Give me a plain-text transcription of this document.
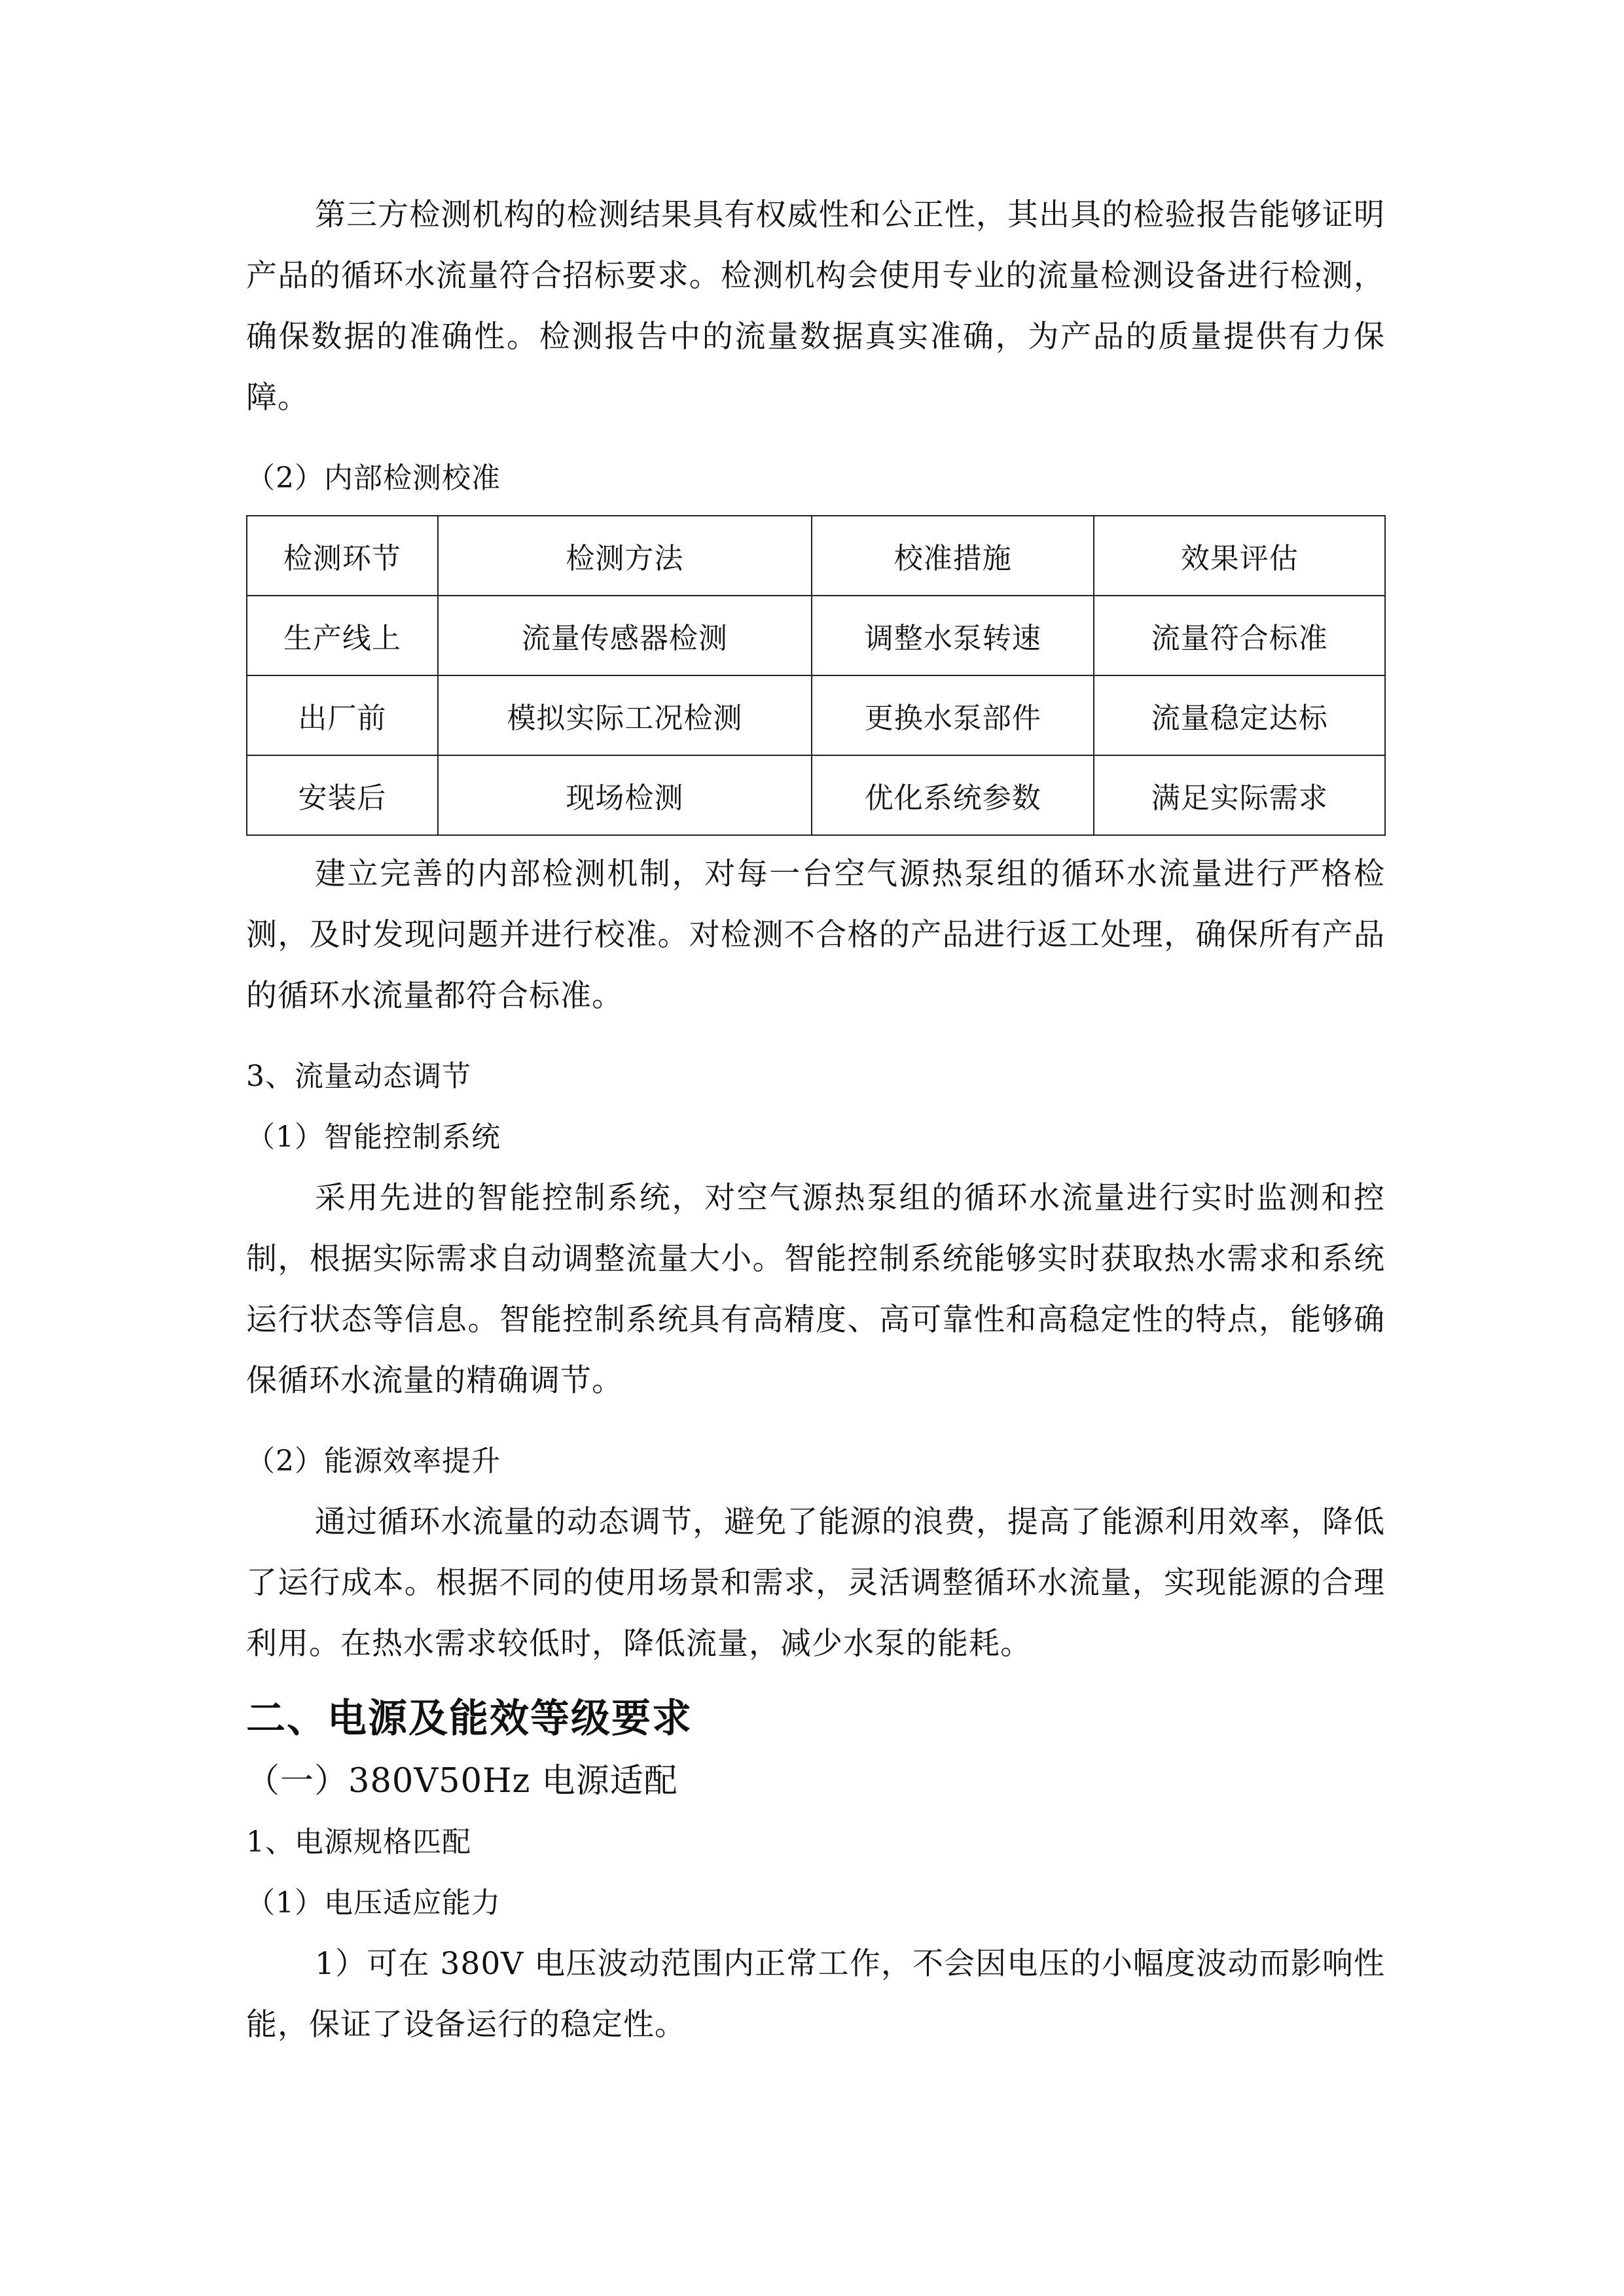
第三方检测机构的检测结果具有权威性和公正性，其出具的检验报告能够证明产品的循环水流量符合招标要求。检测机构会使用专业的流量检测设备进行检测，确保数据的准确性。检测报告中的流量数据真实准确，为产品的质量提供有力保障。

（2）内部检测校准

检测环节	检测方法	校准措施	效果评估
生产线上	流量传感器检测	调整水泵转速	流量符合标准
出厂前	模拟实际工况检测	更换水泵部件	流量稳定达标
安装后	现场检测	优化系统参数	满足实际需求

建立完善的内部检测机制，对每一台空气源热泵组的循环水流量进行严格检测，及时发现问题并进行校准。对检测不合格的产品进行返工处理，确保所有产品的循环水流量都符合标准。

3、流量动态调节

（1）智能控制系统

采用先进的智能控制系统，对空气源热泵组的循环水流量进行实时监测和控制，根据实际需求自动调整流量大小。智能控制系统能够实时获取热水需求和系统运行状态等信息。智能控制系统具有高精度、高可靠性和高稳定性的特点，能够确保循环水流量的精确调节。

（2）能源效率提升

通过循环水流量的动态调节，避免了能源的浪费，提高了能源利用效率，降低了运行成本。根据不同的使用场景和需求，灵活调整循环水流量，实现能源的合理利用。在热水需求较低时，降低流量，减少水泵的能耗。

二、电源及能效等级要求

（一）380V50Hz 电源适配

1、电源规格匹配

（1）电压适应能力

1）可在 380V 电压波动范围内正常工作，不会因电压的小幅度波动而影响性能，保证了设备运行的稳定性。
